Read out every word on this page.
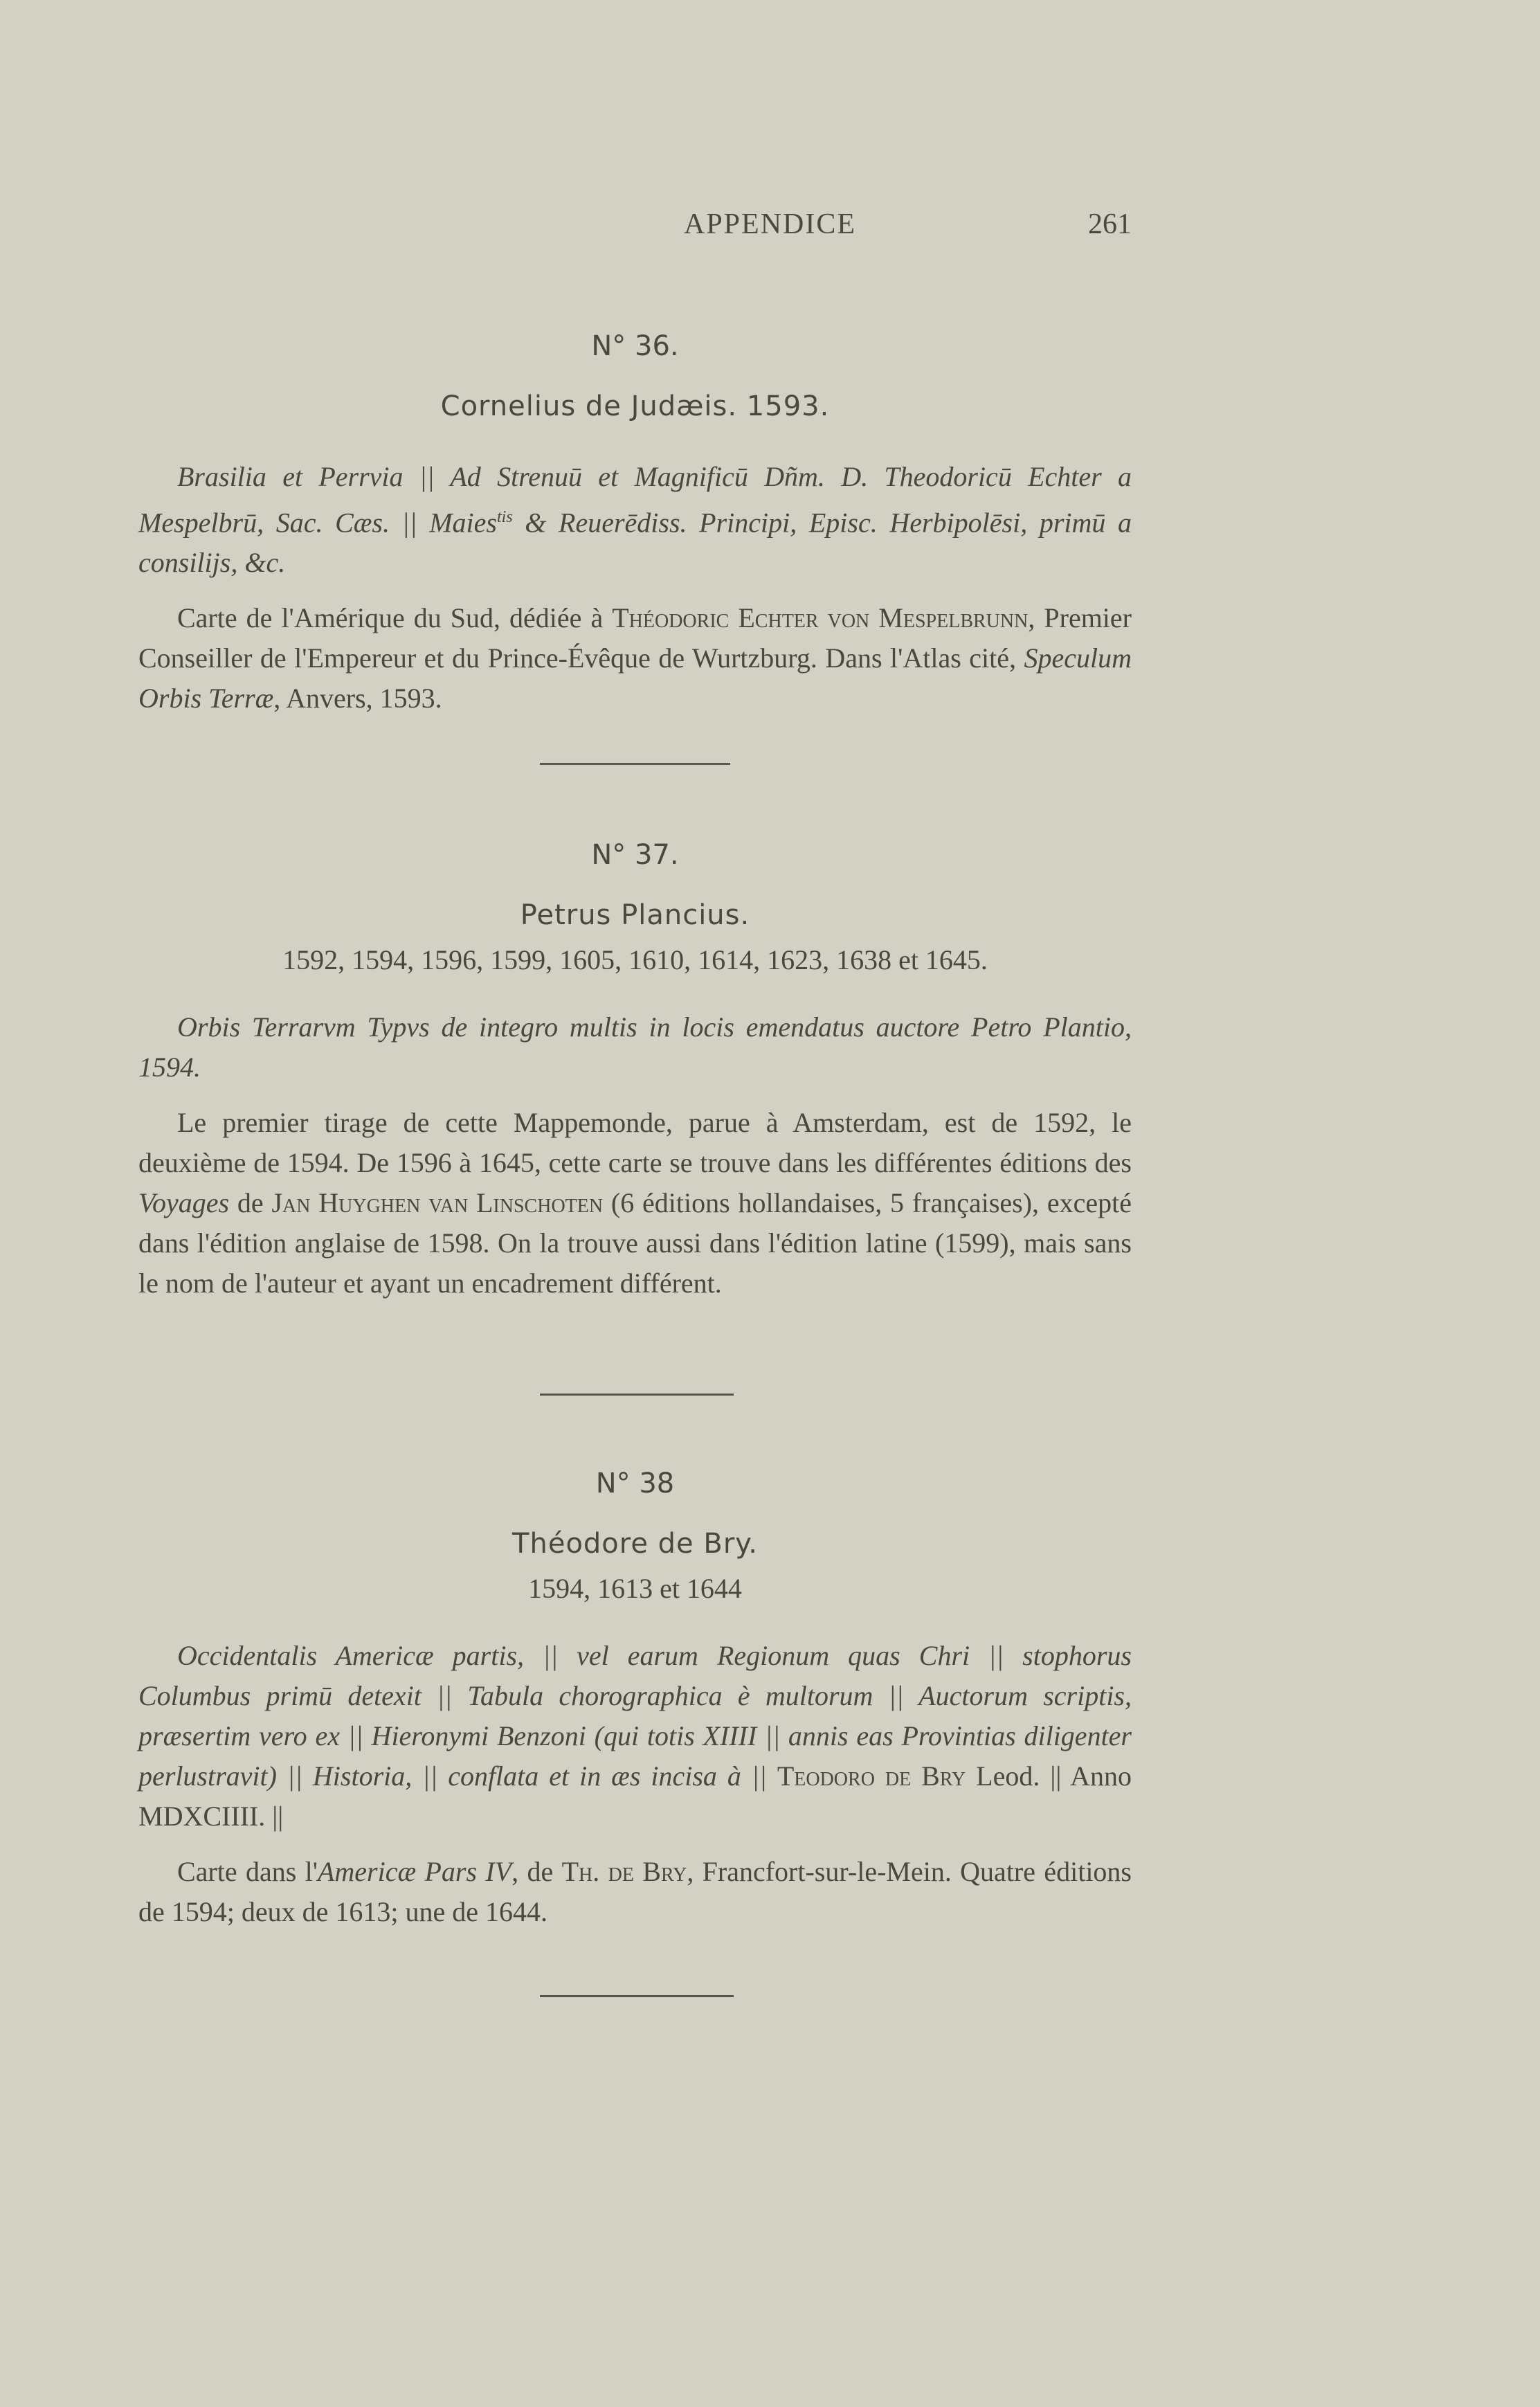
APPENDICE	261

N° 36.

Cornelius de Judæis. 1593.

Brasilia et Perrvia || Ad Strenuū et Magnificū Dñm. D. Theodoricū Echter a Mespelbrū, Sac. Cæs. || Maies$^{tis}$ & Reuerēdiss. Principi, Episc. Herbipolēsi, primū a consilijs, &c.

Carte de l'Amérique du Sud, dédiée à Théodoric Echter von Mespelbrunn, Premier Conseiller de l'Empereur et du Prince-Évêque de Wurtzburg. Dans l'Atlas cité, Speculum Orbis Terræ, Anvers, 1593.

N° 37.

Petrus Plancius.

1592, 1594, 1596, 1599, 1605, 1610, 1614, 1623, 1638 et 1645.

Orbis Terrarvm Typvs de integro multis in locis emendatus auctore Petro Plantio, 1594.

Le premier tirage de cette Mappemonde, parue à Amsterdam, est de 1592, le deuxième de 1594. De 1596 à 1645, cette carte se trouve dans les différentes éditions des Voyages de Jan Huyghen van Linschoten (6 éditions hollandaises, 5 françaises), excepté dans l'édition anglaise de 1598. On la trouve aussi dans l'édition latine (1599), mais sans le nom de l'auteur et ayant un encadrement différent.

N° 38

Théodore de Bry.

1594, 1613 et 1644

Occidentalis Americæ partis, || vel earum Regionum quas Chri || stophorus Columbus primū detexit || Tabula chorographica è multorum || Auctorum scriptis, præsertim vero ex || Hieronymi Benzoni (qui totis XIIII || annis eas Provintias diligenter perlustravit) || Historia, || conflata et in æs incisa à || Teodoro de Bry Leod. || Anno MDXCIIII. ||

Carte dans l'Americæ Pars IV, de Th. de Bry, Francfort-sur-le-Mein. Quatre éditions de 1594; deux de 1613; une de 1644.
